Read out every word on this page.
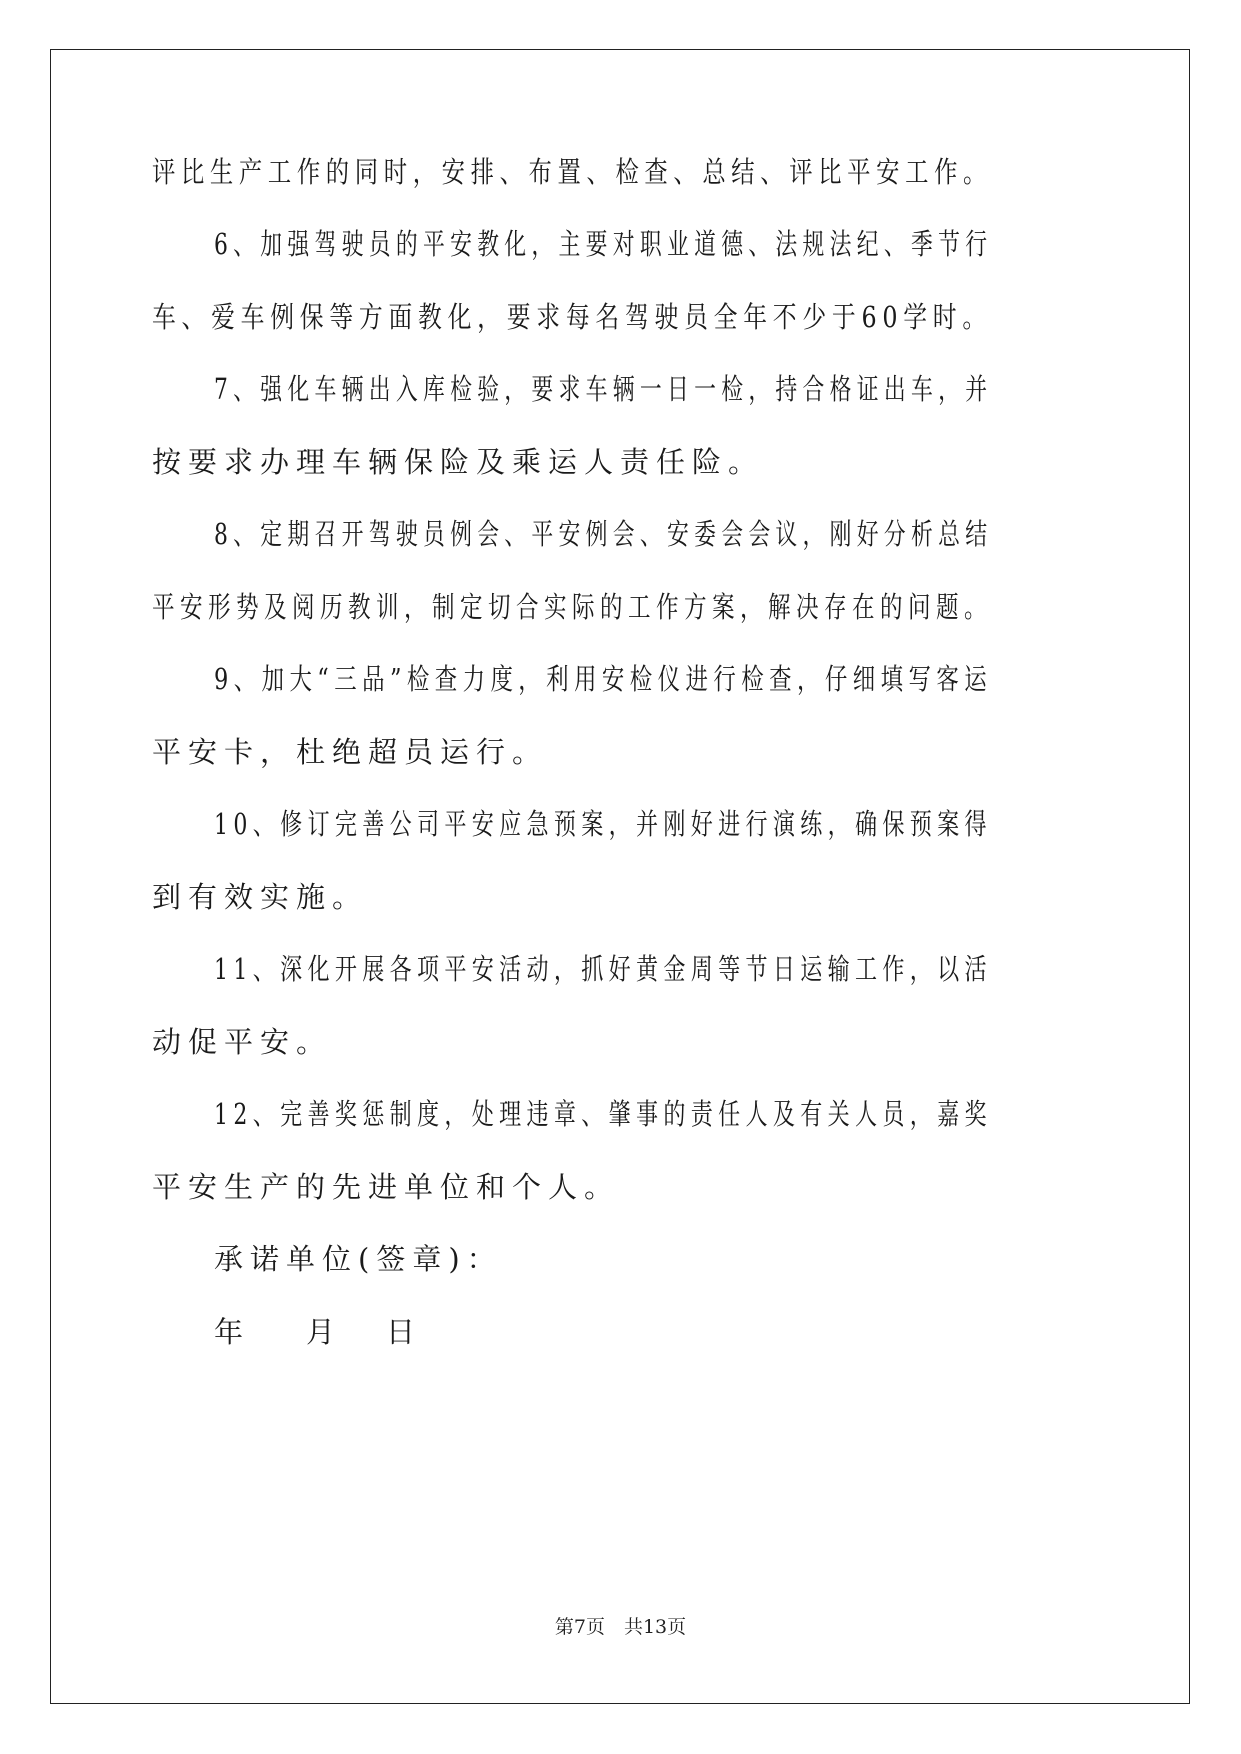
评比生产工作的同时，安排、布置、检查、总结、评比平安工作。
6、加强驾驶员的平安教化，主要对职业道德、法规法纪、季节行
车、爱车例保等方面教化，要求每名驾驶员全年不少于60学时。
7、强化车辆出入库检验，要求车辆一日一检，持合格证出车，并
按要求办理车辆保险及乘运人责任险。
8、定期召开驾驶员例会、平安例会、安委会会议，刚好分析总结
平安形势及阅历教训，制定切合实际的工作方案，解决存在的问题。
9、加大“三品”检查力度，利用安检仪进行检查，仔细填写客运
平安卡，杜绝超员运行。
10、修订完善公司平安应急预案，并刚好进行演练，确保预案得
到有效实施。
11、深化开展各项平安活动，抓好黄金周等节日运输工作，以活
动促平安。
12、完善奖惩制度，处理违章、肇事的责任人及有关人员，嘉奖
平安生产的先进单位和个人。
承诺单位(签章)：
年 月 日
第7页　共13页
